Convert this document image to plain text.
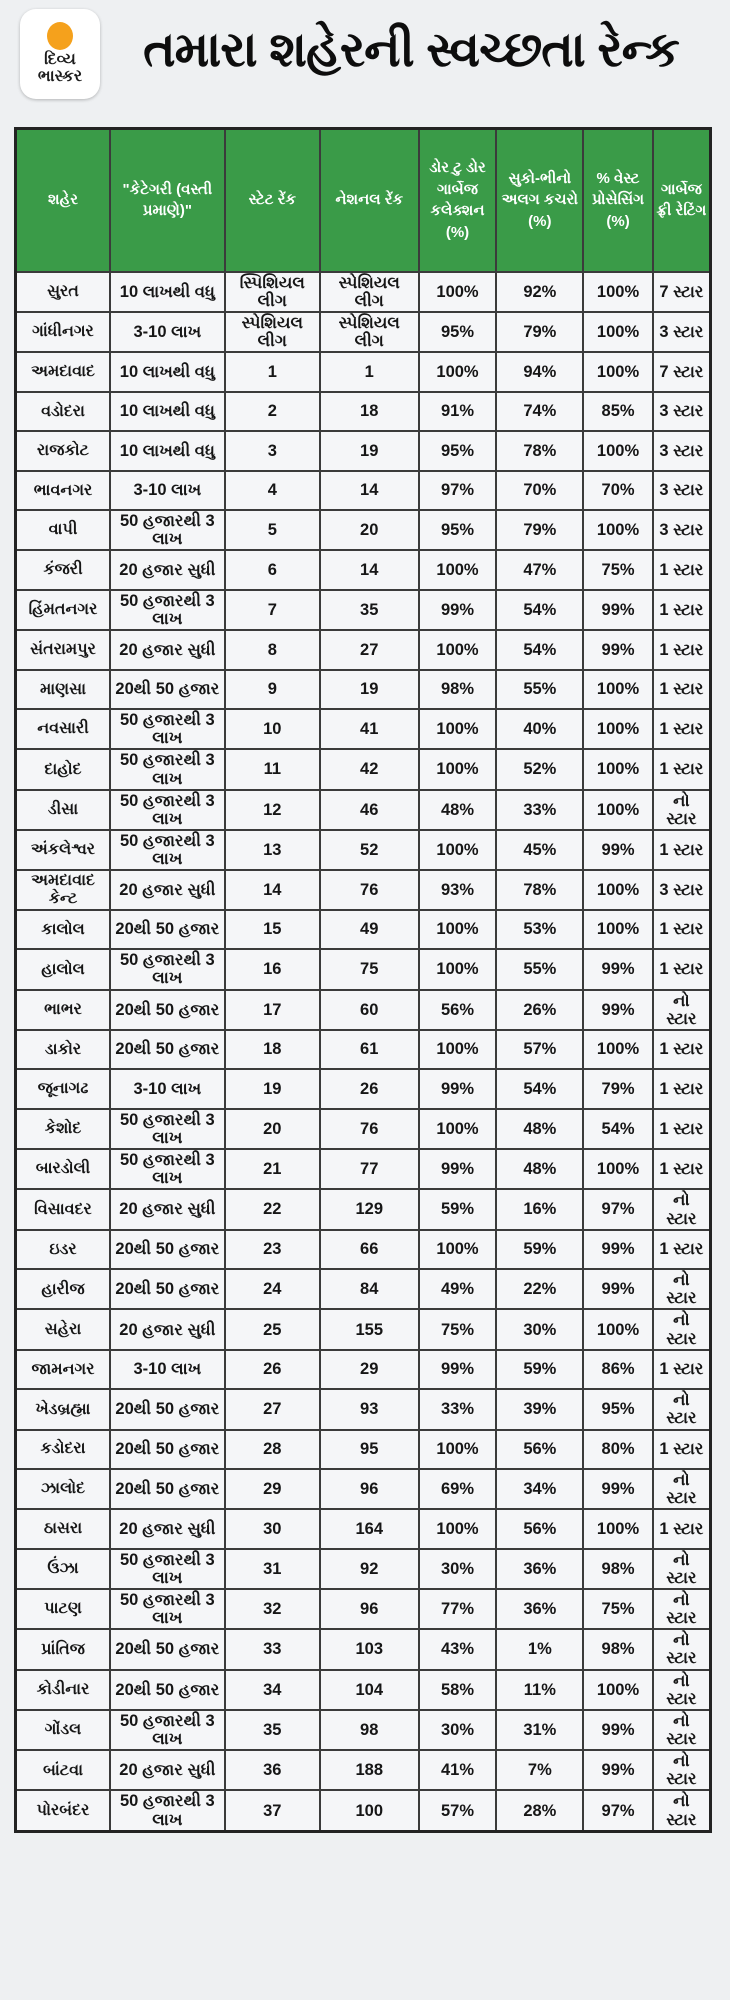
દિવ્ય
ભાસ્કર	તમારા શહેરની સ્વચ્છતા રેન્ક
શહેર	"કેટેગરી (વસ્તી પ્રમાણે)"	સ્ટેટ રેંક	નેશનલ રેંક	ડોર ટુ ડોર ગાર્બેજ કલેક્શન (%)	સુકો-ભીનો અલગ કચરો (%)	% વેસ્ટ પ્રોસેસિંગ (%)	ગાર્બેજ ફ્રી રેટિંગ
સુરત	10 લાખથી વધુ	સ્પિશિયલ લીગ	સ્પેશિયલ લીગ	100%	92%	100%	7 સ્ટાર
ગાંધીનગર	3-10 લાખ	સ્પેશિયલ લીગ	સ્પેશિયલ લીગ	95%	79%	100%	3 સ્ટાર
અમદાવાદ	10 લાખથી વધુ	1	1	100%	94%	100%	7 સ્ટાર
વડોદરા	10 લાખથી વધુ	2	18	91%	74%	85%	3 સ્ટાર
રાજકોટ	10 લાખથી વધુ	3	19	95%	78%	100%	3 સ્ટાર
ભાવનગર	3-10 લાખ	4	14	97%	70%	70%	3 સ્ટાર
વાપી	50 હજારથી 3 લાખ	5	20	95%	79%	100%	3 સ્ટાર
કંજરી	20 હજાર સુધી	6	14	100%	47%	75%	1 સ્ટાર
હિંમતનગર	50 હજારથી 3 લાખ	7	35	99%	54%	99%	1 સ્ટાર
સંતરામપુર	20 હજાર સુધી	8	27	100%	54%	99%	1 સ્ટાર
માણસા	20થી 50 હજાર	9	19	98%	55%	100%	1 સ્ટાર
નવસારી	50 હજારથી 3 લાખ	10	41	100%	40%	100%	1 સ્ટાર
દાહોદ	50 હજારથી 3 લાખ	11	42	100%	52%	100%	1 સ્ટાર
ડીસા	50 હજારથી 3 લાખ	12	46	48%	33%	100%	નો સ્ટાર
અંકલેશ્વર	50 હજારથી 3 લાખ	13	52	100%	45%	99%	1 સ્ટાર
અમદાવાદ કેન્ટ	20 હજાર સુધી	14	76	93%	78%	100%	3 સ્ટાર
કાલોલ	20થી 50 હજાર	15	49	100%	53%	100%	1 સ્ટાર
હાલોલ	50 હજારથી 3 લાખ	16	75	100%	55%	99%	1 સ્ટાર
ભાભર	20થી 50 હજાર	17	60	56%	26%	99%	નો સ્ટાર
ડાકોર	20થી 50 હજાર	18	61	100%	57%	100%	1 સ્ટાર
જૂનાગઢ	3-10 લાખ	19	26	99%	54%	79%	1 સ્ટાર
કેશોદ	50 હજારથી 3 લાખ	20	76	100%	48%	54%	1 સ્ટાર
બારડોલી	50 હજારથી 3 લાખ	21	77	99%	48%	100%	1 સ્ટાર
વિસાવદર	20 હજાર સુધી	22	129	59%	16%	97%	નો સ્ટાર
ઇડર	20થી 50 હજાર	23	66	100%	59%	99%	1 સ્ટાર
હારીજ	20થી 50 હજાર	24	84	49%	22%	99%	નો સ્ટાર
સહેરા	20 હજાર સુધી	25	155	75%	30%	100%	નો સ્ટાર
જામનગર	3-10 લાખ	26	29	99%	59%	86%	1 સ્ટાર
ખેડબ્રહ્મા	20થી 50 હજાર	27	93	33%	39%	95%	નો સ્ટાર
કડોદરા	20થી 50 હજાર	28	95	100%	56%	80%	1 સ્ટાર
ઝાલોદ	20થી 50 હજાર	29	96	69%	34%	99%	નો સ્ટાર
ઠાસરા	20 હજાર સુધી	30	164	100%	56%	100%	1 સ્ટાર
ઉંઝા	50 હજારથી 3 લાખ	31	92	30%	36%	98%	નો સ્ટાર
પાટણ	50 હજારથી 3 લાખ	32	96	77%	36%	75%	નો સ્ટાર
પ્રાંતિજ	20થી 50 હજાર	33	103	43%	1%	98%	નો સ્ટાર
કોડીનાર	20થી 50 હજાર	34	104	58%	11%	100%	નો સ્ટાર
ગોંડલ	50 હજારથી 3 લાખ	35	98	30%	31%	99%	નો સ્ટાર
બાંટવા	20 હજાર સુધી	36	188	41%	7%	99%	નો સ્ટાર
પોરબંદર	50 હજારથી 3 લાખ	37	100	57%	28%	97%	નો સ્ટાર
